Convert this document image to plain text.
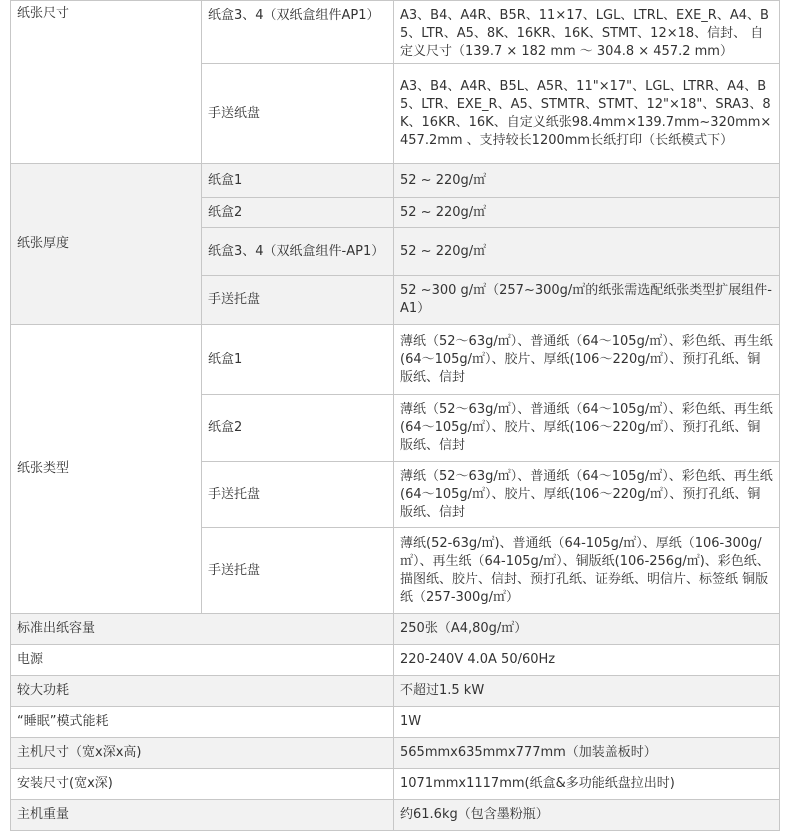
纸张尺寸	纸盒3、4（双纸盒组件AP1）	A3、B4、A4R、B5R、11×17、LGL、LTRL、EXE_R、A4、B5、LTR、A5、8K、16KR、16K、STMT、12×18、信封、 自定义尺寸（139.7 × 182 mm ～ 304.8 × 457.2 mm）
	手送纸盘	A3、B4、A4R、B5L、A5R、11"×17"、LGL、LTRR、A4、B5、LTR、EXE_R、A5、STMTR、STMT、12"×18"、SRA3、8K、16KR、16K、自定义纸张98.4mm×139.7mm~320mm×457.2mm 、支持较长1200mm长纸打印（长纸模式下）
纸张厚度	纸盒1	52 ~ 220g/㎡
	纸盒2	52 ~ 220g/㎡
	纸盒3、4（双纸盒组件-AP1）	52 ~ 220g/㎡
	手送托盘	52 ~300 g/㎡（257~300g/㎡的纸张需选配纸张类型扩展组件-A1）
纸张类型	纸盒1	薄纸（52～63g/㎡）、普通纸（64～105g/㎡）、彩色纸、再生纸(64～105g/㎡）、胶片、厚纸(106～220g/㎡）、预打孔纸、铜版纸、信封
	纸盒2	薄纸（52～63g/㎡）、普通纸（64～105g/㎡）、彩色纸、再生纸(64～105g/㎡）、胶片、厚纸(106～220g/㎡）、预打孔纸、铜版纸、信封
	手送托盘	薄纸（52～63g/㎡）、普通纸（64～105g/㎡）、彩色纸、再生纸(64～105g/㎡）、胶片、厚纸(106～220g/㎡）、预打孔纸、铜版纸、信封
	手送托盘	薄纸(52-63g/㎡)、普通纸（64-105g/㎡）、厚纸（106-300g/㎡）、再生纸（64-105g/㎡）、铜版纸(106-256g/㎡)、彩色纸、描图纸、胶片、信封、预打孔纸、证券纸、明信片、标签纸 铜版纸（257-300g/㎡）
标准出纸容量		250张（A4,80g/㎡）
电源		220-240V 4.0A 50/60Hz
较大功耗		不超过1.5 kW
“睡眠”模式能耗		1W
主机尺寸（宽x深x高)		565mmx635mmx777mm（加装盖板时）
安装尺寸(宽x深)		1071mmx1117mm(纸盒&多功能纸盘拉出时)
主机重量		约61.6kg（包含墨粉瓶）
